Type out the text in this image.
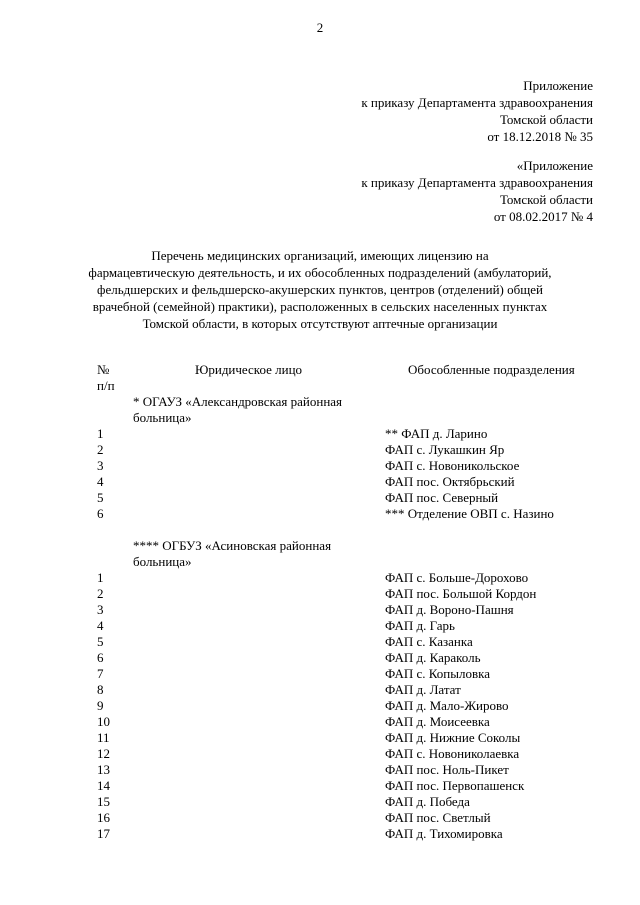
2
Приложение
к приказу Департамента здравоохранения
Томской области
от 18.12.2018 № 35
«Приложение
к приказу Департамента здравоохранения
Томской области
от 08.02.2017 № 4
Перечень медицинских организаций, имеющих лицензию на
фармацевтическую деятельность, и их обособленных подразделений (амбулаторий,
фельдшерских и фельдшерско-акушерских пунктов, центров (отделений) общей
врачебной (семейной) практики), расположенных в сельских населенных пунктах
Томской области, в которых отсутствуют аптечные организации
№
п/п
Юридическое лицо	Обособленные подразделения
* ОГАУЗ «Александровская районная
больница»
1	** ФАП д. Ларино
2	ФАП с. Лукашкин Яр
3	ФАП с. Новоникольское
4	ФАП пос. Октябрьский
5	ФАП пос. Северный
6	*** Отделение ОВП с. Назино
**** ОГБУЗ «Асиновская районная
больница»
1	ФАП с. Больше-Дорохово
2	ФАП пос. Большой Кордон
3	ФАП д. Вороно-Пашня
4	ФАП д. Гарь
5	ФАП с. Казанка
6	ФАП д. Караколь
7	ФАП с. Копыловка
8	ФАП д. Латат
9	ФАП д. Мало-Жирово
10	ФАП д. Моисеевка
11	ФАП д. Нижние Соколы
12	ФАП с. Новониколаевка
13	ФАП пос. Ноль-Пикет
14	ФАП пос. Первопашенск
15	ФАП д. Победа
16	ФАП пос. Светлый
17	ФАП д. Тихомировка
